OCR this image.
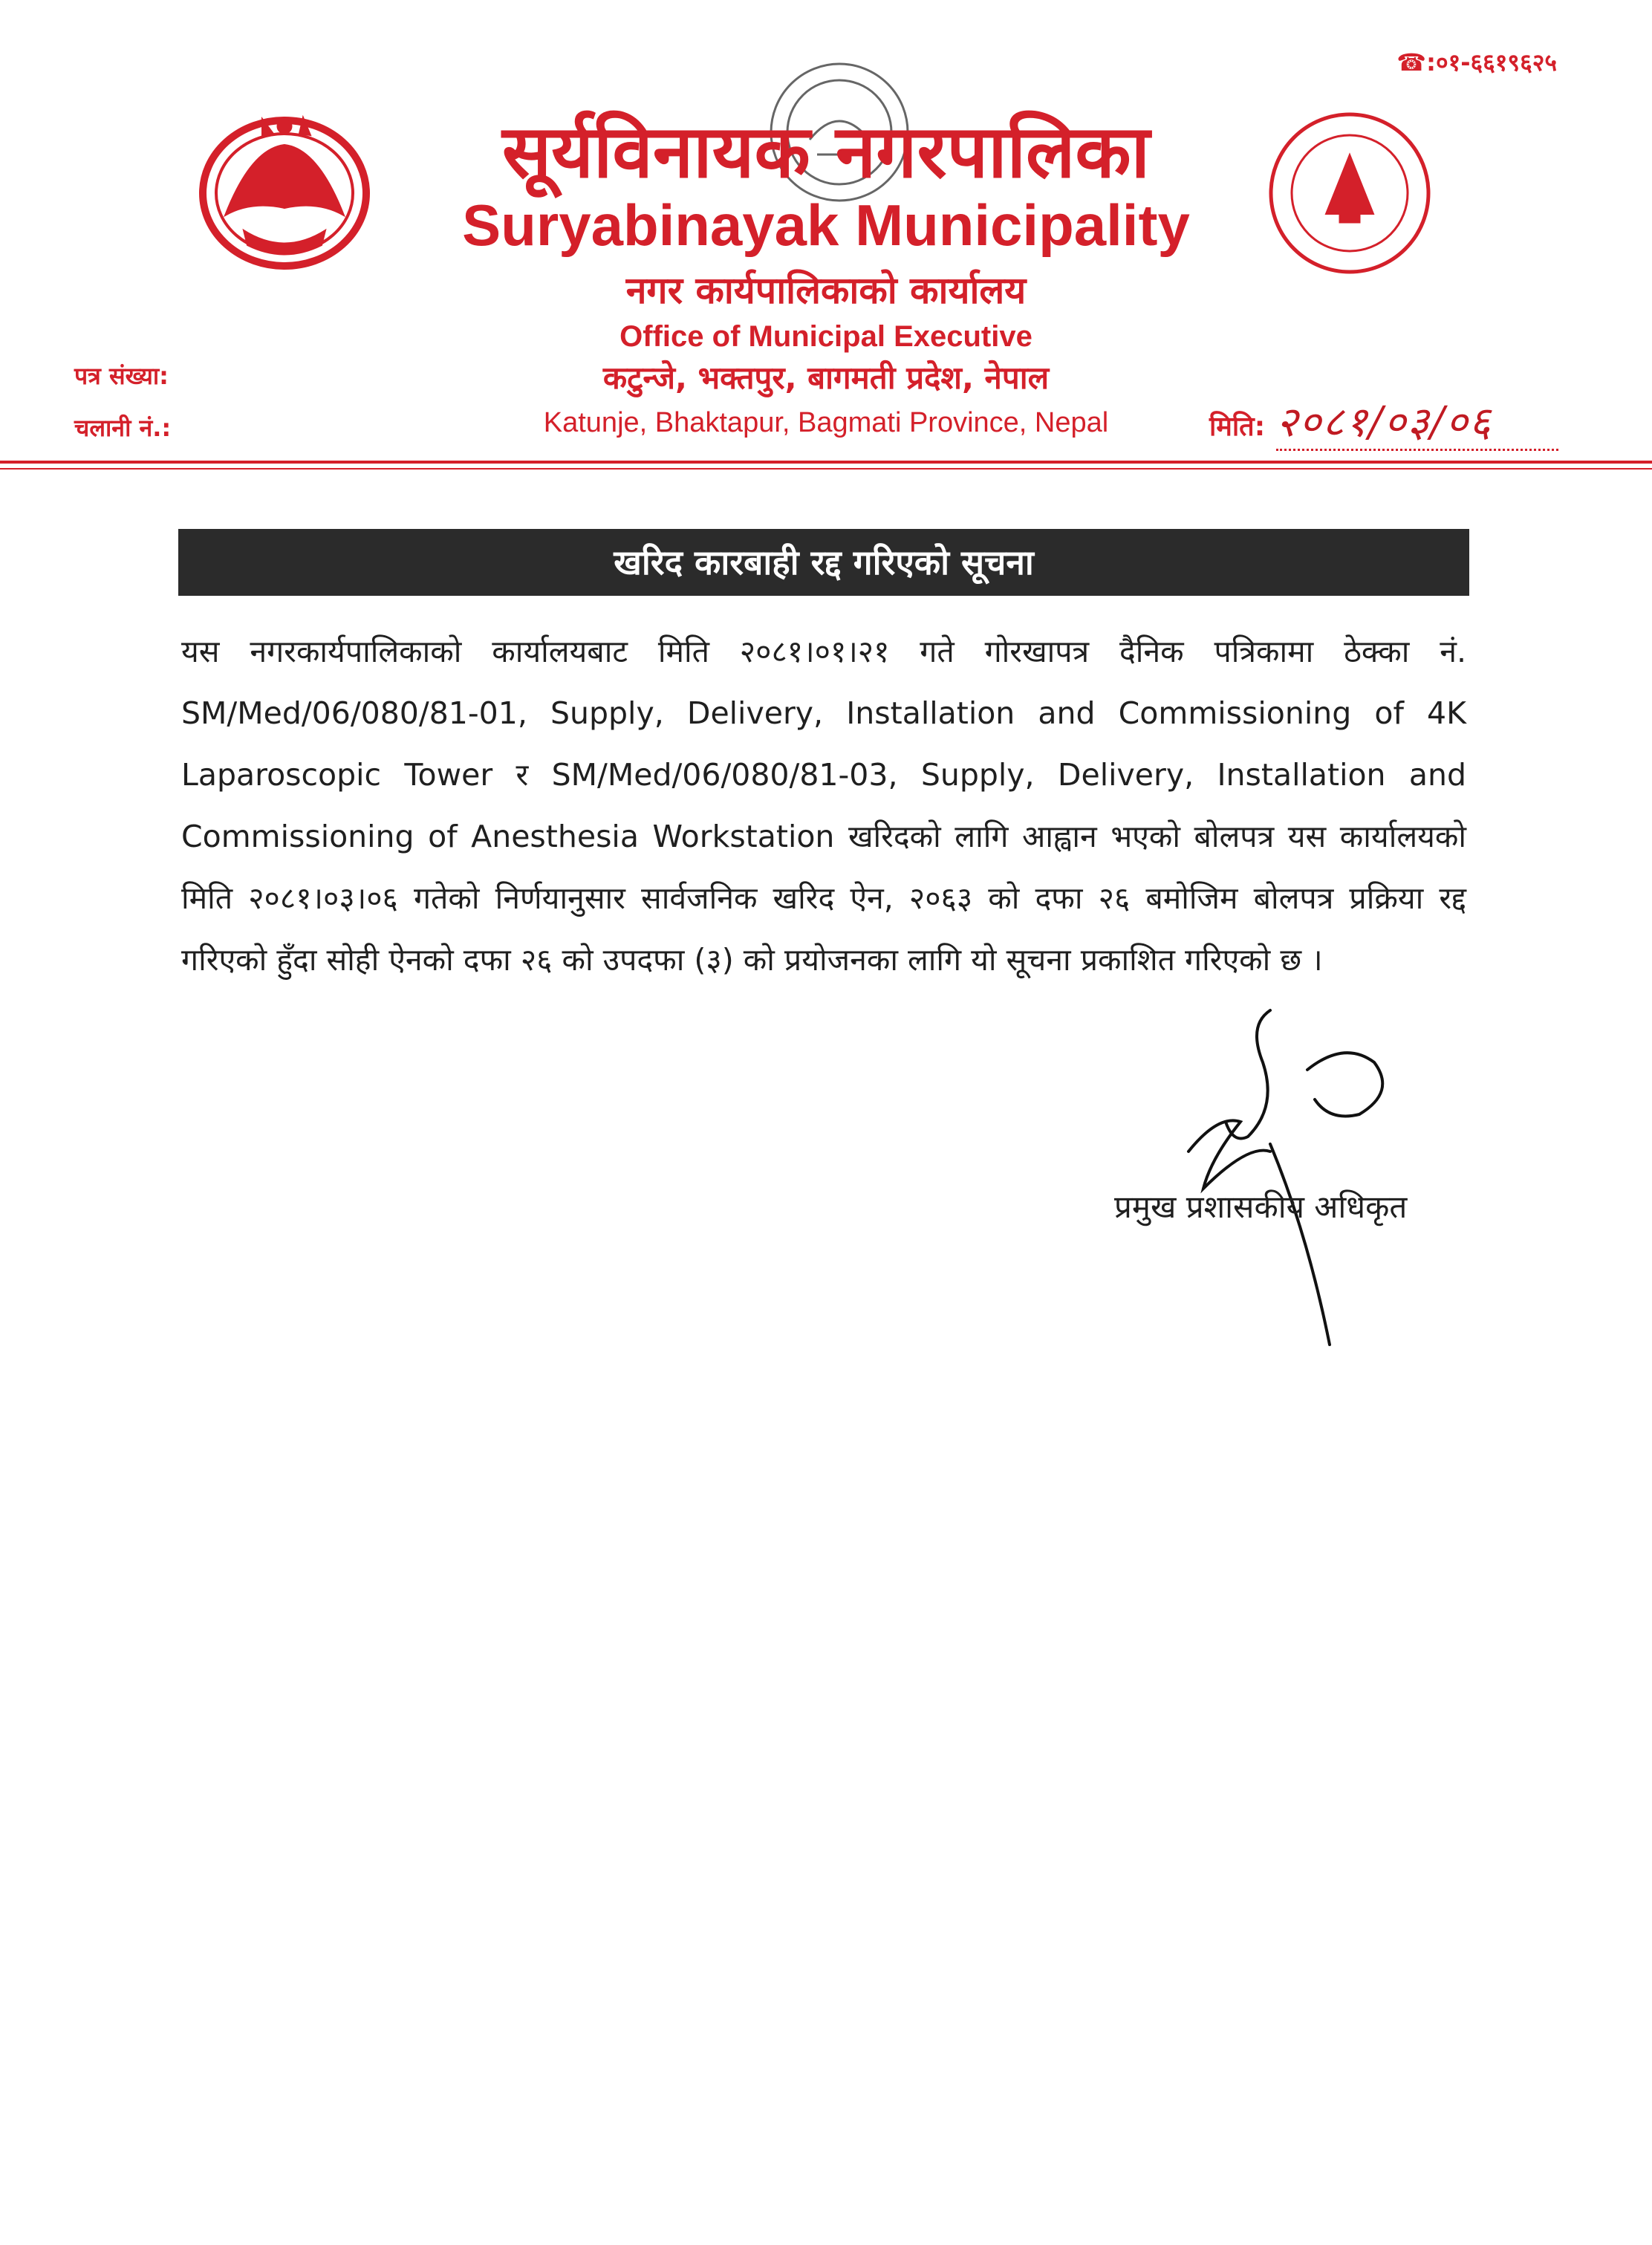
☎:०१-६६१९६२५
सूर्यविनायक नगरपालिका
Suryabinayak Municipality
नगर कार्यपालिकाको कार्यालय
Office of Municipal Executive
कटुन्जे, भक्तपुर, बागमती प्रदेश, नेपाल
Katunje, Bhaktapur, Bagmati Province, Nepal
पत्र संख्या:
चलानी नं.:	मिति: २०८१/०३/०६
खरिद कारबाही रद्द गरिएको सूचना
यस नगरकार्यपालिकाको कार्यालयबाट मिति २०८१।०१।२१ गते गोरखापत्र दैनिक पत्रिकामा ठेक्का नं. SM/Med/06/080/81-01, Supply, Delivery, Installation and Commissioning of 4K Laparoscopic Tower र SM/Med/06/080/81-03, Supply, Delivery, Installation and Commissioning of Anesthesia Workstation खरिदको लागि आह्वान भएको बोलपत्र यस कार्यालयको मिति २०८१।०३।०६ गतेको निर्णयानुसार सार्वजनिक खरिद ऐन, २०६३ को दफा २६ बमोजिम बोलपत्र प्रक्रिया रद्द गरिएको हुँदा सोही ऐनको दफा २६ को उपदफा (३) को प्रयोजनका लागि यो सूचना प्रकाशित गरिएको छ ।
प्रमुख प्रशासकीय अधिकृत
